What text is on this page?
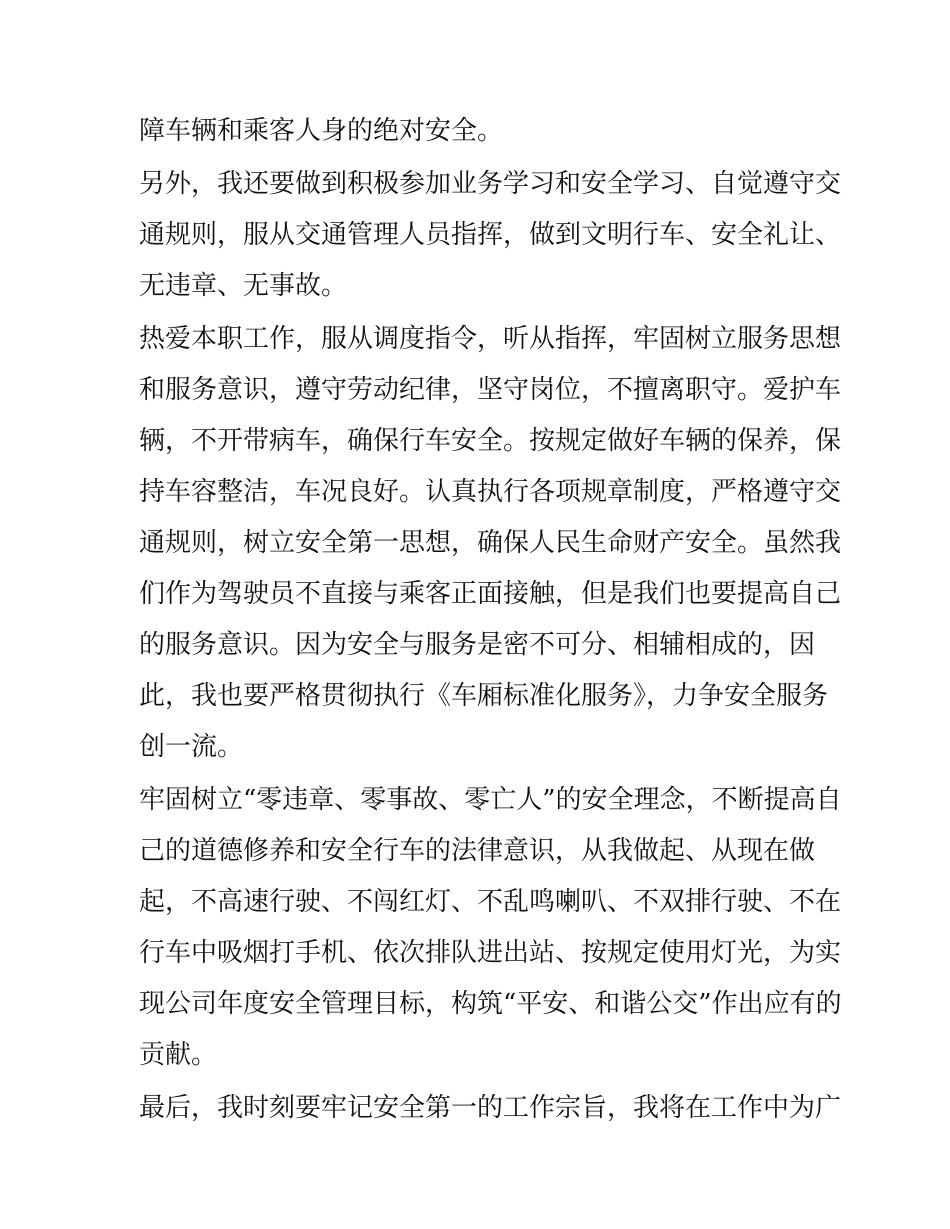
障车辆和乘客人身的绝对安全。
另外，我还要做到积极参加业务学习和安全学习、自觉遵守交
通规则，服从交通管理人员指挥，做到文明行车、安全礼让、
无违章、无事故。
热爱本职工作，服从调度指令，听从指挥，牢固树立服务思想
和服务意识，遵守劳动纪律，坚守岗位，不擅离职守。爱护车
辆，不开带病车，确保行车安全。按规定做好车辆的保养，保
持车容整洁，车况良好。认真执行各项规章制度，严格遵守交
通规则，树立安全第一思想，确保人民生命财产安全。虽然我
们作为驾驶员不直接与乘客正面接触，但是我们也要提高自己
的服务意识。因为安全与服务是密不可分、相辅相成的，因
此，我也要严格贯彻执行《车厢标准化服务》，力争安全服务
创一流。
牢固树立“零违章、零事故、零亡人”的安全理念，不断提高自
己的道德修养和安全行车的法律意识，从我做起、从现在做
起，不高速行驶、不闯红灯、不乱鸣喇叭、不双排行驶、不在
行车中吸烟打手机、依次排队进出站、按规定使用灯光，为实
现公司年度安全管理目标，构筑“平安、和谐公交”作出应有的
贡献。
最后，我时刻要牢记安全第一的工作宗旨，我将在工作中为广
